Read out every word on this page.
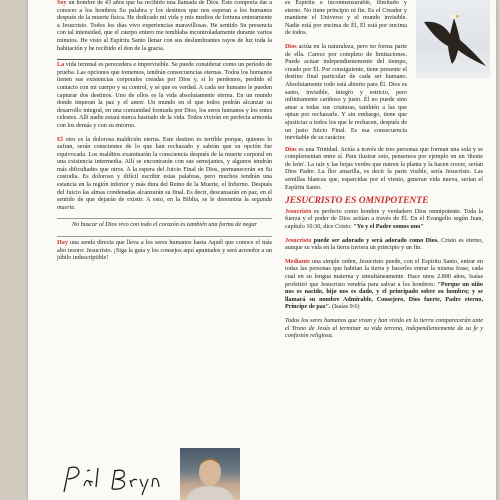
Soy un hombre de 43 años que ha recibido una llamada de Dios. Esto comporta dar a conocer a los hombres Su palabra y los destinos que nos esperan a los humanos después de la muerte física. He dedicado mi vida y mis medios de fortuna enteramente a Jesucristo. Todos los días vivo experiencias maravillosas. He sentido Su presencia con tal intensidad, que el cuerpo entero me temblaba incontroladamente durante varios minutos. He visto al Espíritu Santo llenar con sus deslumbrantes rayos de luz toda la habitación y he recibido el don de la gracia.

La vida terrenal es perecedera e imprevisible. Se puede considerar como un período de prueba. Las opciones que tomemos, tendrán consecuencias eternas. Todos los humanos tienen sus existencias corporales creadas por Dios y, si lo perdemos, perdido el contacto con mi cuerpo y su control, y sé que es verdad. A cada ser humano le pueden capturar dos destinos. Uno de ellos es la vida absolutamente eterna. En un mundo donde imperan la paz y el amor. Un mundo en el que todos podrán alcanzar su desarrollo integral, en una comunidad formada por Dios, los seres humanos y los entes celestes. Allí nadie estará nunca hastiado de la vida. Todos vivirán en perfecta armonía con los demás y con su entorno.

El otro es la dolorosa maldición eterna. Este destino es terrible porque, quienes lo sufran, serán conscientes de lo que han rechazado y sabrán que su opción fue equivocada. Los malditos examinarán la consciencia después de la muerte corporal en una existencia intermedia. Allí se encontrarán con sus semejantes, y algunos tendrán más dificultades que otros. A la espera del Juicio Final de Dios, permanecerán en Su custodia. Es doloroso y difícil escribir estas palabras, pero muchos tendrán una estancia en la región inferior y más dura del Reino de la Muerte, el Infierno. Después del Juicio las almas condenadas alcanzarán su final. Es decir, descansarán en paz, en el sentido de que dejarán de existir. A esto, en la Biblia, se le denomina la segunda muerte.

No buscar al Dios vivo con todo el corazón es también una forma de negar

Hay una senda directa que lleva a los seres humanos hasta Aquél que conoce el más alto tesoro: Jesucristo. ¡Siga la guía y los consejos aquí apuntados y será acreedor a un júbilo indescriptible!

es Espíritu e inconmensurable, ilimitado y eterno. No tiene principio ni fin. Es el Creador y mantiene el Universo y el mundo invisible. Nadie está por encima de Él, Él está por encima de todos.

Dios actúa en la naturaleza, pero no forma parte de ella. Carece por completo de limitaciones. Puede actuar independientemente del tiempo, creado por Él. Por consiguiente, tiene presente el destino final particular de cada ser humano. Absolutamente todo está abierto para Él. Dios es santo, invisible, íntegro y estricto, pero infinitamente cariñoso y justo. Él no puede sino amar a todas sus criaturas, también a las que optan por rechazarle. Y sin embargo, tiene que ajusticiar a todos los que le rechacen, después de un justo Juicio Final. Es esa consecuencia inevitable de su carácter.

Dios es una Trinidad. Actúa a través de tres personas que forman una sola y se complementan entre sí. Para ilustrar esto, pensemos por ejemplo en un 'diente de león'. La raíz y las hojas verdes que nutren la planta y la hacen crecer, serían Dios Padre. La flor amarilla, es decir la parte visible, sería Jesucristo. Las semillas blancas que, esparcidas por el viento, generan vida nueva, serían el Espíritu Santo.

JESUCRISTO ES OMNIPOTENTE

Jesucristo es perfecto como hombre y verdadero Dios omnipotente. Toda la fuerza y el poder de Dios actúan a través de Él. En el Evangelio según Juan, capítulo 10:30, dice Cristo: "Yo y el Padre somos uno"

Jesucristo puede ser adorado y será adorado como Dios. Cristo es eterno, aunque su vida en la tierra tuviera un principio y un fin.

Mediante una simple orden, Jesucristo puede, con el Espíritu Santo, entrar en todas las personas que habitan la tierra y hacerles entrar la misma frase, cada cual en su lengua materna y simultáneamente. Hace unos 2.800 años, Isaías profetizó que Jesucristo vendría para salvar a los hombres: "Porque un niño nos es nacido, hijo nos es dado, y el principado sobre su hombro; y se llamará su nombre Admirable, Consejero, Dios fuerte, Padre eterno, Príncipe de paz". (Isaías 9:6)

Todos los seres humanos que vivan y han vivido en la tierra comparecerán ante el Trono de Jesús al terminar su vida terrena, independientemente de su fe y confesión religiosa.
